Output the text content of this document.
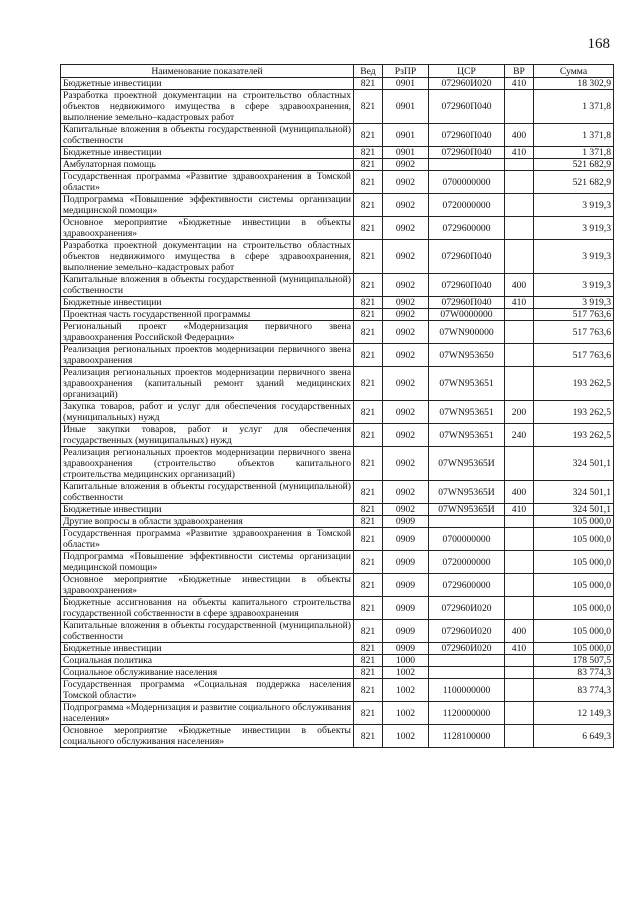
168
Наименование показателей	Вед	РзПР	ЦСР	ВР	Сумма
Бюджетные инвестиции	821	0901	072960И020	410	18 302,9
Разработка проектной документации на строительство областных объектов недвижимого имущества в сфере здравоохранения, выполнение земельно–кадастровых работ	821	0901	072960П040		1 371,8
Капитальные вложения в объекты государственной (муниципальной) собственности	821	0901	072960П040	400	1 371,8
Бюджетные инвестиции	821	0901	072960П040	410	1 371,8
Амбулаторная помощь	821	0902			521 682,9
Государственная программа «Развитие здравоохранения в Томской области»	821	0902	0700000000		521 682,9
Подпрограмма «Повышение эффективности системы организации медицинской помощи»	821	0902	0720000000		3 919,3
Основное мероприятие «Бюджетные инвестиции в объекты здравоохранения»	821	0902	0729600000		3 919,3
Разработка проектной документации на строительство областных объектов недвижимого имущества в сфере здравоохранения, выполнение земельно–кадастровых работ	821	0902	072960П040		3 919,3
Капитальные вложения в объекты государственной (муниципальной) собственности	821	0902	072960П040	400	3 919,3
Бюджетные инвестиции	821	0902	072960П040	410	3 919,3
Проектная часть государственной программы	821	0902	07W0000000		517 763,6
Региональный проект «Модернизация первичного звена здравоохранения Российской Федерации»	821	0902	07WN900000		517 763,6
Реализация региональных проектов модернизации первичного звена здравоохранения	821	0902	07WN953650		517 763,6
Реализация региональных проектов модернизации первичного звена здравоохранения (капитальный ремонт зданий медицинских организаций)	821	0902	07WN953651		193 262,5
Закупка товаров, работ и услуг для обеспечения государственных (муниципальных) нужд	821	0902	07WN953651	200	193 262,5
Иные закупки товаров, работ и услуг для обеспечения государственных (муниципальных) нужд	821	0902	07WN953651	240	193 262,5
Реализация региональных проектов модернизации первичного звена здравоохранения (строительство объектов капитального строительства медицинских организаций)	821	0902	07WN95365И		324 501,1
Капитальные вложения в объекты государственной (муниципальной) собственности	821	0902	07WN95365И	400	324 501,1
Бюджетные инвестиции	821	0902	07WN95365И	410	324 501,1
Другие вопросы в области здравоохранения	821	0909			105 000,0
Государственная программа «Развитие здравоохранения в Томской области»	821	0909	0700000000		105 000,0
Подпрограмма «Повышение эффективности системы организации медицинской помощи»	821	0909	0720000000		105 000,0
Основное мероприятие «Бюджетные инвестиции в объекты здравоохранения»	821	0909	0729600000		105 000,0
Бюджетные ассигнования на объекты капитального строительства государственной собственности в сфере здравоохранения	821	0909	072960И020		105 000,0
Капитальные вложения в объекты государственной (муниципальной) собственности	821	0909	072960И020	400	105 000,0
Бюджетные инвестиции	821	0909	072960И020	410	105 000,0
Социальная политика	821	1000			178 507,5
Социальное обслуживание населения	821	1002			83 774,3
Государственная программа «Социальная поддержка населения Томской области»	821	1002	1100000000		83 774,3
Подпрограмма «Модернизация и развитие социального обслуживания населения»	821	1002	1120000000		12 149,3
Основное мероприятие «Бюджетные инвестиции в объекты социального обслуживания населения»	821	1002	1128100000		6 649,3
